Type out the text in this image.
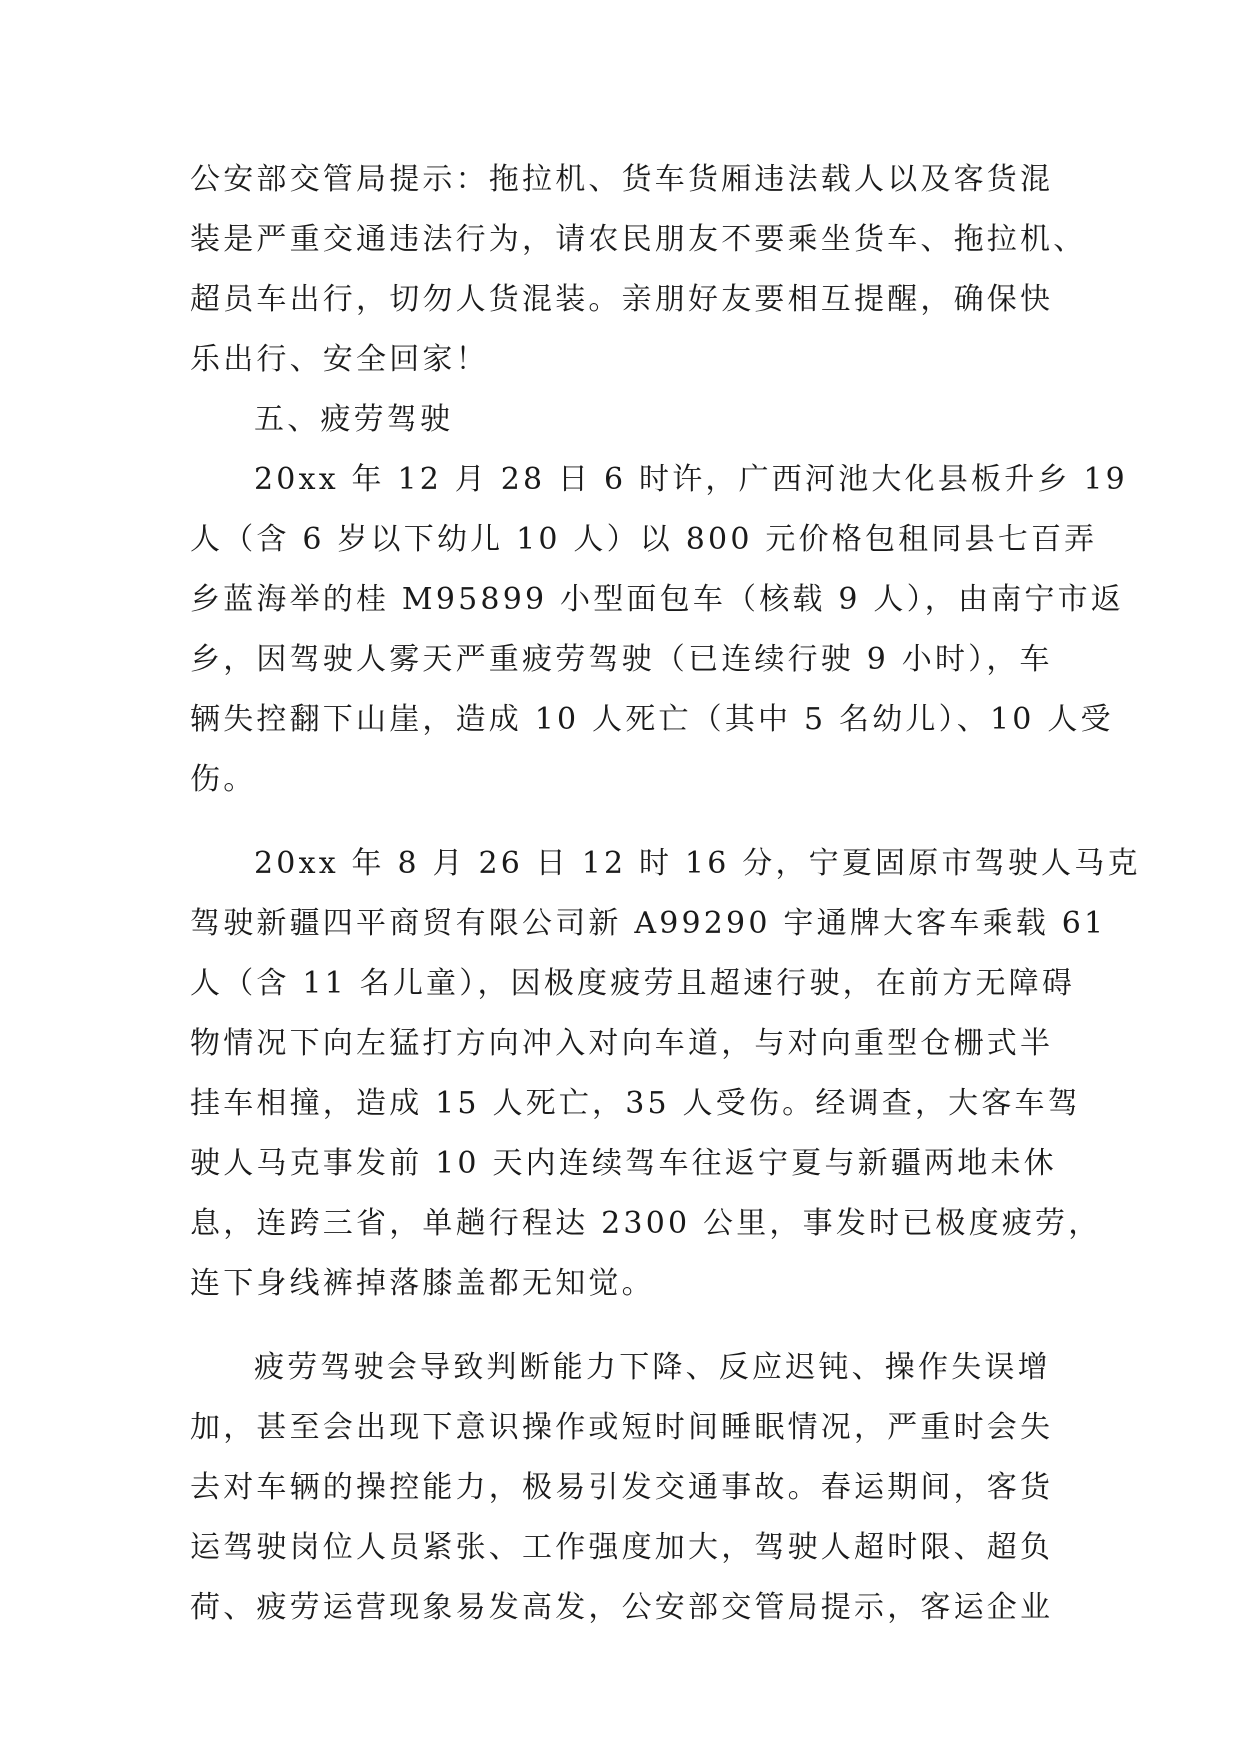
公安部交管局提示：拖拉机、货车货厢违法载人以及客货混
装是严重交通违法行为，请农民朋友不要乘坐货车、拖拉机、
超员车出行，切勿人货混装。亲朋好友要相互提醒，确保快
乐出行、安全回家！
五、疲劳驾驶
20xx 年 12 月 28 日 6 时许，广西河池大化县板升乡 19
人（含 6 岁以下幼儿 10 人）以 800 元价格包租同县七百弄
乡蓝海举的桂 M95899 小型面包车（核载 9 人），由南宁市返
乡，因驾驶人雾天严重疲劳驾驶（已连续行驶 9 小时），车
辆失控翻下山崖，造成 10 人死亡（其中 5 名幼儿）、10 人受
伤。
20xx 年 8 月 26 日 12 时 16 分，宁夏固原市驾驶人马克
驾驶新疆四平商贸有限公司新 A99290 宇通牌大客车乘载 61
人（含 11 名儿童），因极度疲劳且超速行驶，在前方无障碍
物情况下向左猛打方向冲入对向车道，与对向重型仓栅式半
挂车相撞，造成 15 人死亡，35 人受伤。经调查，大客车驾
驶人马克事发前 10 天内连续驾车往返宁夏与新疆两地未休
息，连跨三省，单趟行程达 2300 公里，事发时已极度疲劳，
连下身线裤掉落膝盖都无知觉。
疲劳驾驶会导致判断能力下降、反应迟钝、操作失误增
加，甚至会出现下意识操作或短时间睡眠情况，严重时会失
去对车辆的操控能力，极易引发交通事故。春运期间，客货
运驾驶岗位人员紧张、工作强度加大，驾驶人超时限、超负
荷、疲劳运营现象易发高发，公安部交管局提示，客运企业
